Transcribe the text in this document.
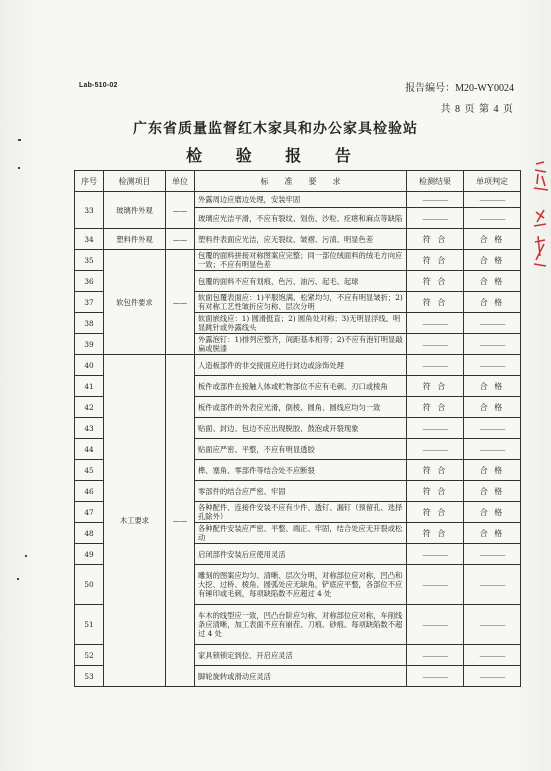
Lab-510-02	报告编号：M20-WY0024
共 8 页 第 4 页
广东省质量监督红木家具和办公家具检验站
检 验 报 告
序号	检测项目	单位	标　　准　　要　　求	检测结果	单项判定
33	玻璃件外观	——	外露周边应磨边处理，安装牢固	————	————
			玻璃应光洁平滑，不应有裂纹、划伤、沙粒、疙瘩和麻点等缺陷	————	————
34	塑料件外观	——	塑料件表面应光洁，应无裂纹、皱褶、污渍、明显色差	符 合	合 格
35	软包件要求	——	包覆的面料拼接对称图案应完整；同一部位绒面料的绒毛方向应一致；不应有明显色差	符 合	合 格
36			包覆的面料不应有划痕、色污、油污、起毛、起球	符 合	合 格
37			软面包覆表面应：1)平服饱满、松紧均匀，不应有明显皱折；2)有对称工艺性皱折应匀称、层次分明	符 合	合 格
38			软面嵌线应：1) 圆滑挺直；2) 圆角处对称；3)无明显浮线、明显跳针或外露线头	————	————
39			外露泡钉：1)排列应整齐，间距基本相等；2)不应有泡钉明显敲扁或脱漆	————	————
40	木工要求	——	人造板部件的非交接面应进行封边或涂饰处理	————	————
41			板件或部件在接触人体或贮物部位不应有毛刺、刃口或棱角	符 合	合 格
42			板件或部件的外表应光滑，倒棱、圆角、圆线应均匀一致	符 合	合 格
43			贴面、封边、包边不应出现脱胶、鼓泡或开裂现象	————	————
44			贴面应严密、平整，不应有明显透胶	————	————
45			榫、塞角、零部件等结合处不应断裂	符 合	合 格
46			零部件的结合应严密、牢固	符 合	合 格
47			各种配件、连接件安装不应有少件、透钉、漏钉（预留孔、选择孔除外）	符 合	合 格
48			各种配件安装应严密、平整、端正、牢固，结合处应无开裂或松动	符 合	合 格
49			启闭部件安装后应使用灵活	————	————
50			雕刻的图案应均匀、清晰、层次分明，对称部位应对称，凹凸和大挖、过桥、棱角、圆弧处应无缺角，铲底应平整，各部位不应有锤印或毛刺，每项缺陷数不应超过 4 处	————	————
51			车木的线型应一致，凹凸台阶应匀称，对称部位应对称，车削线条应清晰，加工表面不应有崩茬、刀痕、砂痕。每项缺陷数不超过 4 处	————	————
52			家具锁锁定到位、开启应灵活	————	————
53			脚轮旋转或滑动应灵活	————	————
